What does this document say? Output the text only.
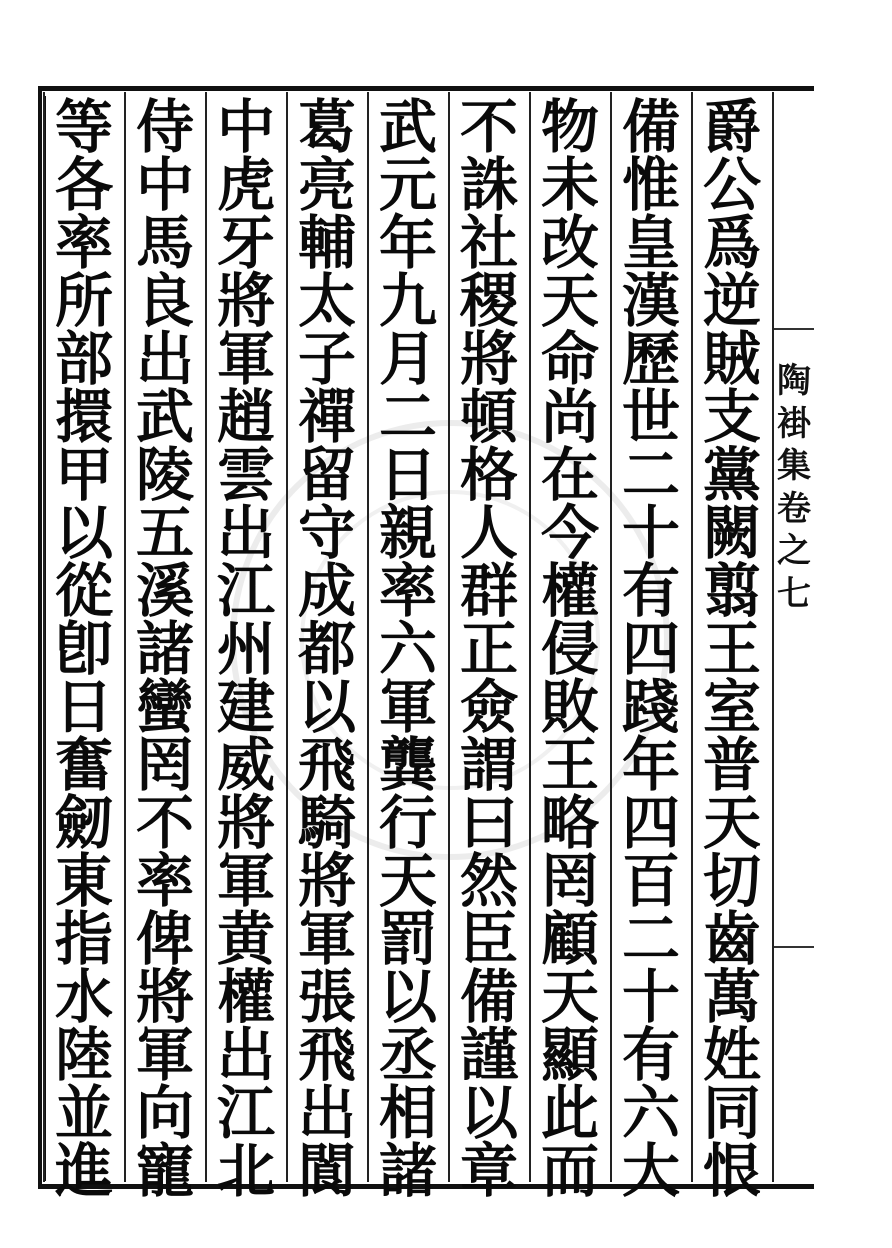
陶
褂
集
卷
之
七
爵
公
爲
逆
賊
支
黨
闕
翦
王
室
普
天
切
齒
萬
姓
同
恨
備
惟
皇
漢
歷
世
二
十
有
四
踐
年
四
百
二
十
有
六
大
物
未
改
天
命
尚
在
今
權
侵
敗
王
略
罔
顧
天
顯
此
而
不
誅
社
稷
將
頓
格
人
群
正
僉
謂
曰
然
臣
備
謹
以
章
武
元
年
九
月
二
日
親
率
六
軍
龔
行
天
罰
以
丞
相
諸
葛
亮
輔
太
子
禪
留
守
成
都
以
飛
騎
將
軍
張
飛
出
閬
中
虎
牙
將
軍
趙
雲
出
江
州
建
威
將
軍
黄
權
出
江
北
侍
中
馬
良
出
武
陵
五
溪
諸
蠻
罔
不
率
俾
將
軍
向
寵
等
各
率
所
部
擐
甲
以
從
卽
日
奮
劒
東
指
水
陸
並
進
